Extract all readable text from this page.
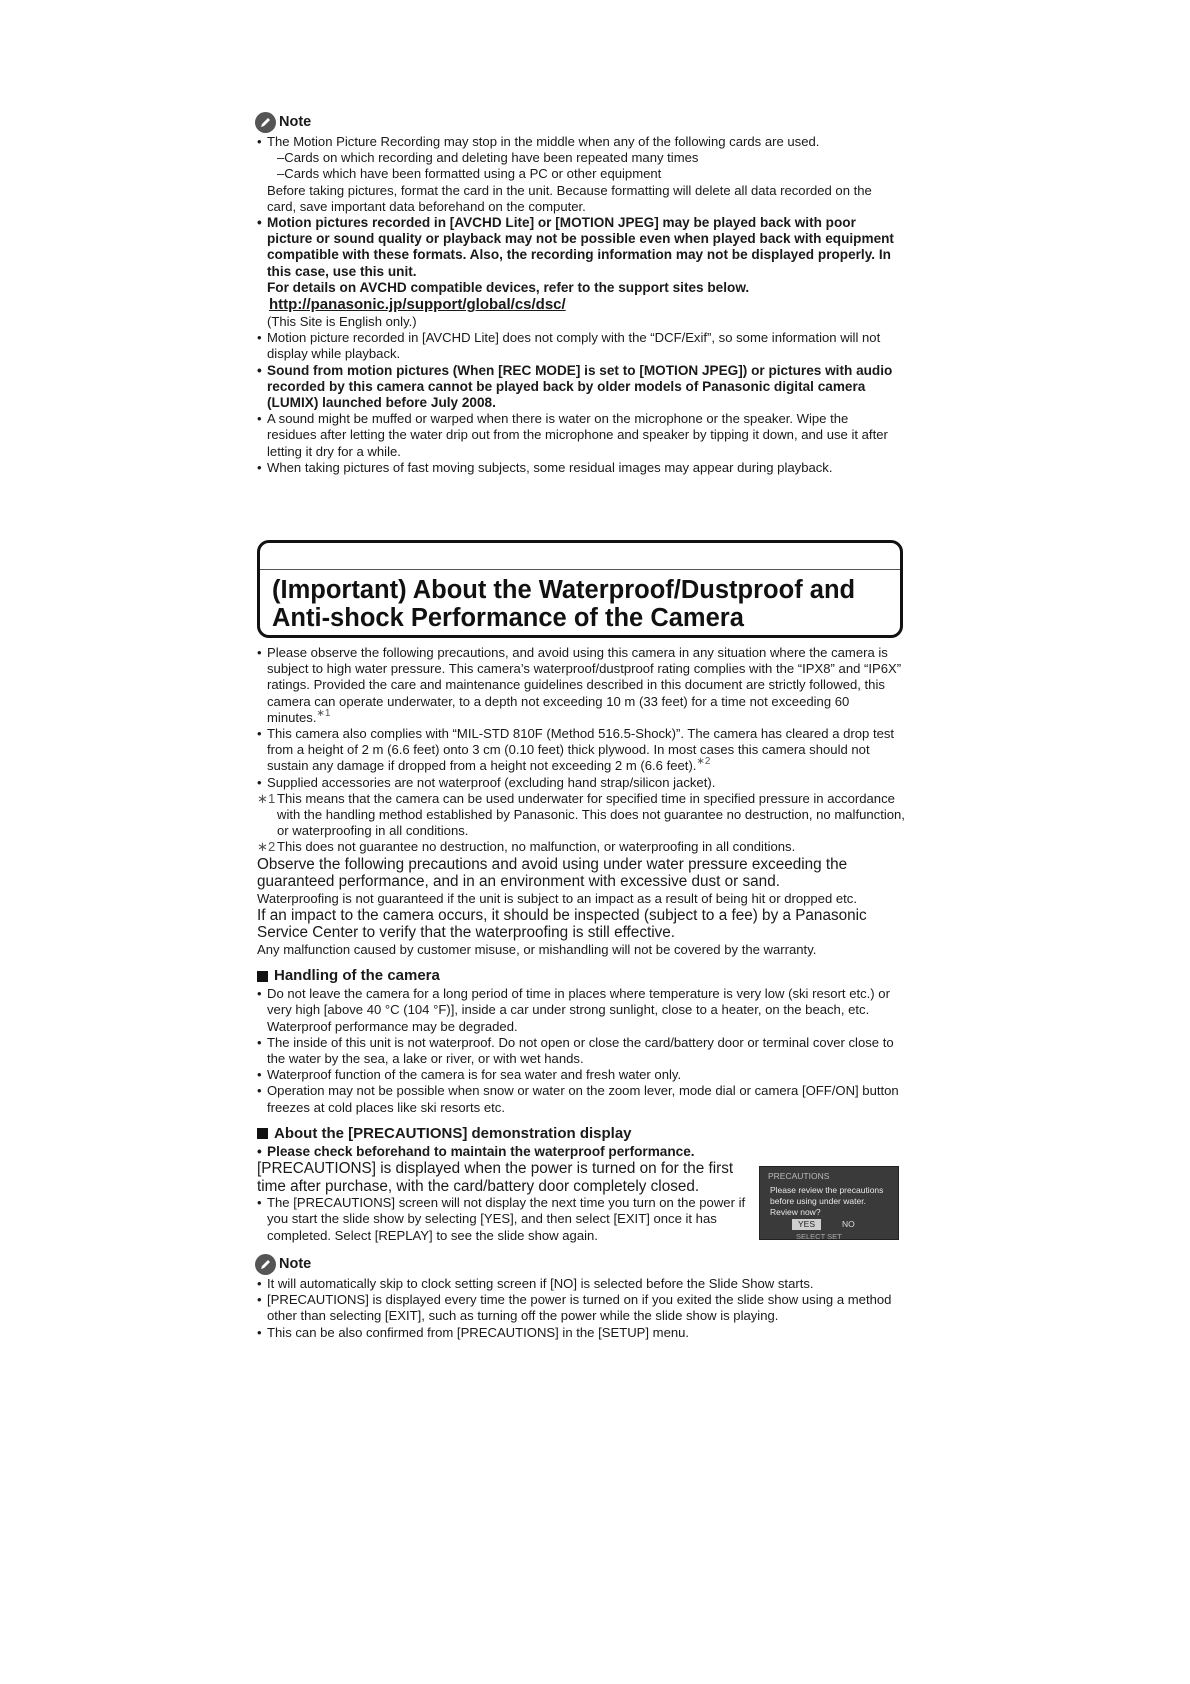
Note
• The Motion Picture Recording may stop in the middle when any of the following cards are used.
–Cards on which recording and deleting have been repeated many times
–Cards which have been formatted using a PC or other equipment
Before taking pictures, format the card in the unit. Because formatting will delete all data recorded on the card, save important data beforehand on the computer.
• Motion pictures recorded in [AVCHD Lite] or [MOTION JPEG] may be played back with poor picture or sound quality or playback may not be possible even when played back with equipment compatible with these formats. Also, the recording information may not be displayed properly. In this case, use this unit.
For details on AVCHD compatible devices, refer to the support sites below.
http://panasonic.jp/support/global/cs/dsc/
(This Site is English only.)
• Motion picture recorded in [AVCHD Lite] does not comply with the “DCF/Exif”, so some information will not display while playback.
• Sound from motion pictures (When [REC MODE] is set to [MOTION JPEG]) or pictures with audio recorded by this camera cannot be played back by older models of Panasonic digital camera (LUMIX) launched before July 2008.
• A sound might be muffed or warped when there is water on the microphone or the speaker. Wipe the residues after letting the water drip out from the microphone and speaker by tipping it down, and use it after letting it dry for a while.
• When taking pictures of fast moving subjects, some residual images may appear during playback.
(Important) About the Waterproof/Dustproof and
Anti-shock Performance of the Camera
• Please observe the following precautions, and avoid using this camera in any situation where the camera is subject to high water pressure. This camera’s waterproof/dustproof rating complies with the “IPX8” and “IP6X” ratings. Provided the care and maintenance guidelines described in this document are strictly followed, this camera can operate underwater, to a depth not exceeding 10 m (33 feet) for a time not exceeding 60 minutes.$^{∗1}$
• This camera also complies with “MIL-STD 810F (Method 516.5-Shock)”. The camera has cleared a drop test from a height of 2 m (6.6 feet) onto 3 cm (0.10 feet) thick plywood. In most cases this camera should not sustain any damage if dropped from a height not exceeding 2 m (6.6 feet).$^{∗2}$
• Supplied accessories are not waterproof (excluding hand strap/silicon jacket).
∗1 This means that the camera can be used underwater for specified time in specified pressure in accordance with the handling method established by Panasonic. This does not guarantee no destruction, no malfunction, or waterproofing in all conditions.
∗2 This does not guarantee no destruction, no malfunction, or waterproofing in all conditions.
Observe the following precautions and avoid using under water pressure exceeding the guaranteed performance, and in an environment with excessive dust or sand.
Waterproofing is not guaranteed if the unit is subject to an impact as a result of being hit or dropped etc.
If an impact to the camera occurs, it should be inspected (subject to a fee) by a Panasonic Service Center to verify that the waterproofing is still effective.
Any malfunction caused by customer misuse, or mishandling will not be covered by the warranty.
Handling of the camera
• Do not leave the camera for a long period of time in places where temperature is very low (ski resort etc.) or very high [above 40 °C (104 °F)], inside a car under strong sunlight, close to a heater, on the beach, etc. Waterproof performance may be degraded.
• The inside of this unit is not waterproof. Do not open or close the card/battery door or terminal cover close to the water by the sea, a lake or river, or with wet hands.
• Waterproof function of the camera is for sea water and fresh water only.
• Operation may not be possible when snow or water on the zoom lever, mode dial or camera [OFF/ON] button freezes at cold places like ski resorts etc.
About the [PRECAUTIONS] demonstration display
• Please check beforehand to maintain the waterproof performance.
[PRECAUTIONS] is displayed when the power is turned on for the first time after purchase, with the card/battery door completely closed.
• The [PRECAUTIONS] screen will not display the next time you turn on the power if you start the slide show by selecting [YES], and then select [EXIT] once it has completed. Select [REPLAY] to see the slide show again.
PRECAUTIONS
Please review the precautions
before using under water.
Review now?
YES	NO
SELECT SET
Note
• It will automatically skip to clock setting screen if [NO] is selected before the Slide Show starts.
• [PRECAUTIONS] is displayed every time the power is turned on if you exited the slide show using a method other than selecting [EXIT], such as turning off the power while the slide show is playing.
• This can be also confirmed from [PRECAUTIONS] in the [SETUP] menu.
